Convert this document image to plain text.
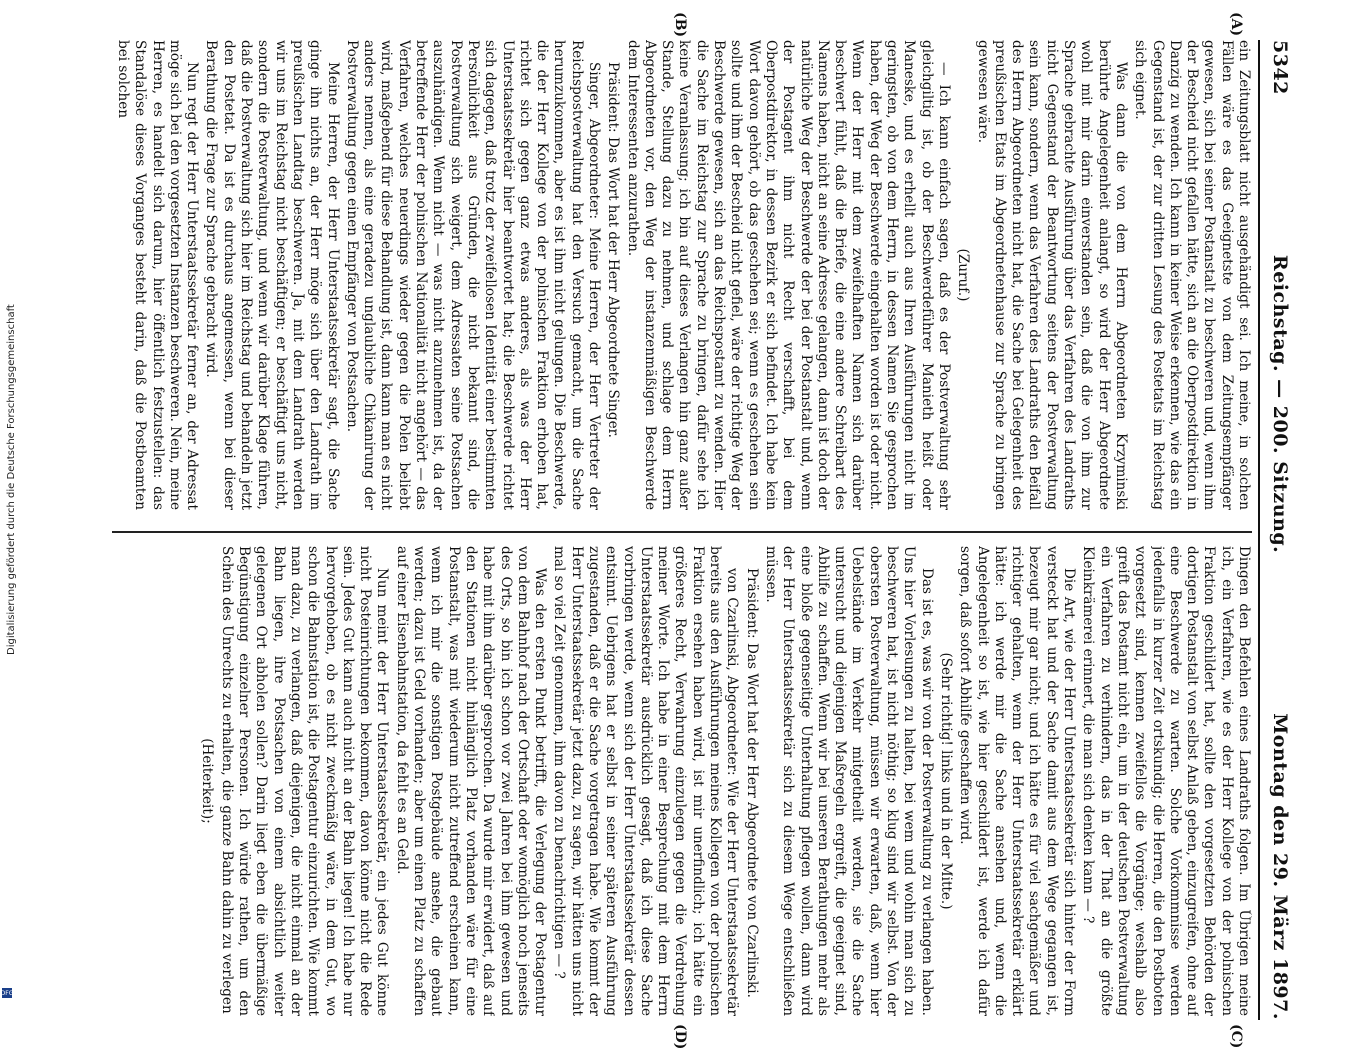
5342
Reichstag. — 200. Sitzung.
Montag den 29. März 1897.
(A)
(B)
(C)
(D)

ein Zeitungsblatt nicht ausgehändigt sei. Ich meine, in solchen Fällen wäre es das Geeignetste von dem Zeitungsempfänger gewesen, sich bei seiner Postanstalt zu beschweren und, wenn ihm der Bescheid nicht gefallen hätte, sich an die Oberpostdirektion in Danzig zu wenden. Ich kann in keiner Weise erkennen, wie das ein Gegenstand ist, der zur dritten Lesung des Postetats im Reichstag sich eignet.

Was dann die von dem Herrn Abgeordneten Krzyminski berührte Angelegenheit anlangt, so wird der Herr Abgeordnete wohl mit mir darin einverstanden sein, daß die von ihm zur Sprache gebrachte Ausführung über das Verfahren des Landraths nicht Gegenstand der Beantwortung seitens der Postverwaltung sein kann, sondern, wenn das Verfahren des Landraths den Beifall des Herrn Abgeordneten nicht hat, die Sache bei Gelegenheit des preußischen Etats im Abgeordnetenhause zur Sprache zu bringen gewesen wäre.

(Zuruf.)

— Ich kann einfach sagen, daß es der Postverwaltung sehr gleichgiltig ist, ob der Beschwerdeführer Manieth heißt oder Maneske, und es erhellt auch aus Ihren Ausführungen nicht im geringsten, ob von dem Herrn, in dessen Namen Sie gesprochen haben, der Weg der Beschwerde eingehalten worden ist oder nicht. Wenn der Herr mit dem zweifelhaften Namen sich darüber beschwert fühlt, daß die Briefe, die eine andere Schreibart des Namens haben, nicht an seine Adresse gelangen, dann ist doch der natürliche Weg der Beschwerde der bei der Postanstalt und, wenn der Postagent ihm nicht Recht verschafft, bei dem Oberpostdirektor, in dessen Bezirk er sich befindet. Ich habe kein Wort davon gehört, ob das geschehen sei; wenn es geschehen sein sollte und ihm der Bescheid nicht gefiel, wäre der richtige Weg der Beschwerde gewesen, sich an das Reichspostamt zu wenden. Hier die Sache im Reichstag zur Sprache zu bringen, dafür sehe ich keine Veranlassung; ich bin auf dieses Verlangen hin ganz außer Stande, Stellung dazu zu nehmen, und schlage dem Herrn Abgeordneten vor, den Weg der instanzenmäßigen Beschwerde dem Interessenten anzurathen.

Präsident: Das Wort hat der Herr Abgeordnete Singer.

Singer, Abgeordneter: Meine Herren, der Herr Vertreter der Reichspostverwaltung hat den Versuch gemacht, um die Sache herumzukommen, aber es ist ihm nicht gelungen. Die Beschwerde, die der Herr Kollege von der polnischen Fraktion erhoben hat, richtet sich gegen ganz etwas anderes, als was der Herr Unterstaatssekretär hier beantwortet hat; die Beschwerde richtet sich dagegen, daß trotz der zweifellosen Identität einer bestimmten Persönlichkeit aus Gründen, die nicht bekannt sind, die Postverwaltung sich weigert, dem Adressaten seine Postsachen auszuhändigen. Wenn nicht — was nicht anzunehmen ist, da der betreffende Herr der polnischen Nationalität nicht angehört — das Verfahren, welches neuerdings wieder gegen die Polen beliebt wird, maßgebend für diese Behandlung ist, dann kann man es nicht anders nennen, als eine geradezu unglaubliche Chikanirung der Postverwaltung gegen einen Empfänger von Postsachen.

Meine Herren, der Herr Unterstaatssekretär sagt, die Sache ginge ihn nichts an, der Herr möge sich über den Landrath im preußischen Landtag beschweren. Ja, mit dem Landrath werden wir uns im Reichstag nicht beschäftigen; er beschäftigt uns nicht, sondern die Postverwaltung, und wenn wir darüber Klage führen, daß die Postverwaltung sich hier im Reichstag und behandeln jetzt den Postetat. Da ist es durchaus angemessen, wenn bei dieser Berathung die Frage zur Sprache gebracht wird.

Nun regt der Herr Unterstaatssekretär ferner an, der Adressat möge sich bei den vorgesetzten Instanzen beschweren. Nein, meine Herren, es handelt sich darum, hier öffentlich festzustellen: das Standalöse dieses Vorganges besteht darin, daß die Postbeamten bei solchen

Dingen den Befehlen eines Landraths folgen. Im Übrigen meine ich, ein Verfahren, wie es der Herr Kollege von der polnischen Fraktion geschildert hat, sollte den vorgesetzten Behörden der dortigen Postanstalt von selbst Anlaß geben, einzugreifen, ohne auf eine Beschwerde zu warten. Solche Vorkommnisse werden jedenfalls in kurzer Zeit ortskundig; die Herren, die den Postboten vorgesetzt sind, kennen zweifellos die Vorgänge; weshalb also greift das Postamt nicht ein, um in der deutschen Postverwaltung ein Verfahren zu verhindern, das in der That an die größte Kleinkrämerei erinnert, die man sich denken kann — ?

Die Art, wie der Herr Unterstaatssekretär sich hinter der Form versteckt hat und der Sache damit aus dem Wege gegangen ist, bezeugt mir gar nicht; und ich hätte es für viel sachgemäßer und richtiger gehalten, wenn der Herr Unterstaatssekretär erklärt hätte: ich werde mir die Sache ansehen und, wenn die Angelegenheit so ist, wie hier geschildert ist, werde ich dafür sorgen, daß sofort Abhilfe geschaffen wird.

(Sehr richtig! links und in der Mitte.)

Das ist es, was wir von der Postverwaltung zu verlangen haben. Uns hier Vorlesungen zu halten, bei wem und wohin man sich zu beschweren hat, ist nicht nöthig; so klug sind wir selbst. Von der obersten Postverwaltung, müssen wir erwarten, daß, wenn hier Uebelstände im Verkehr mitgetheilt werden, sie die Sache untersucht und diejenigen Maßregeln ergreift, die geeignet sind, Abhilfe zu schaffen. Wenn wir bei unseren Berathungen mehr als eine bloße gegenseitige Unterhaltung pflegen wollen, dann wird der Herr Unterstaatssekretär sich zu diesem Wege entschließen müssen.

Präsident: Das Wort hat der Herr Abgeordnete von Czarlinski.

von Czarlinski, Abgeordneter: Wie der Herr Unterstaatssekretär bereits aus den Ausführungen meines Kollegen von der polnischen Fraktion ersehen haben wird, ist mir unerfindlich; ich hätte ein größeres Recht, Verwahrung einzulegen gegen die Verdrehung meiner Worte. Ich habe in einer Besprechung mit dem Herrn Unterstaatssekretär ausdrücklich gesagt, daß ich diese Sache vorbringen werde, wenn sich der Herr Unterstaatssekretär dessen entsinnt. Uebrigens hat er selbst in seiner späteren Ausführung zugestanden, daß er die Sache vorgetragen habe. Wie kommt der Herr Unterstaatssekretär jetzt dazu, zu sagen, wir hätten uns nicht mal so viel Zeit genommen, ihm davon zu benachrichtigen — ?

Was den ersten Punkt betrifft, die Verlegung der Postagentur von dem Bahnhof nach der Ortschaft oder womöglich noch jenseits des Orts, so bin ich schon vor zwei Jahren bei ihm gewesen und habe mit ihm darüber gesprochen. Da wurde mir erwidert, daß auf den Stationen nicht hinlänglich Platz vorhanden wäre für eine Postanstalt, was mit wiederum nicht zutreffend erscheinen kann, wenn ich mir die sonstigen Postgebäude ansehe, die gebaut werden; dazu ist Geld vorhanden; aber um einen Platz zu schaffen auf einer Eisenbahnstation, da fehlt es an Geld.

Nun meint der Herr Unterstaatssekretär, ein jedes Gut könne nicht Posteinrichtungen bekommen, davon könne nicht die Rede sein. Jedes Gut kann auch nicht an der Bahn liegen! Ich habe nur hervorgehoben, ob es nicht zweckmäßig wäre, in dem Gut, wo schon die Bahnstation ist, die Postagentur einzurichten. Wie kommt man dazu, zu verlangen, daß diejenigen, die nicht einmal an der Bahn liegen, ihre Postsachen von einem absichtlich weiter gelegenen Ort abholen sollen? Darin liegt eben die übermäßige Begünstigung einzelner Personen. Ich würde rathen, um den Schein des Unrechts zu erhalten, die ganze Bahn dahin zu verlegen

(Heiterkeit);

Digitalisierung gefördert durch die Deutsche Forschungsgemeinschaft
DFG
